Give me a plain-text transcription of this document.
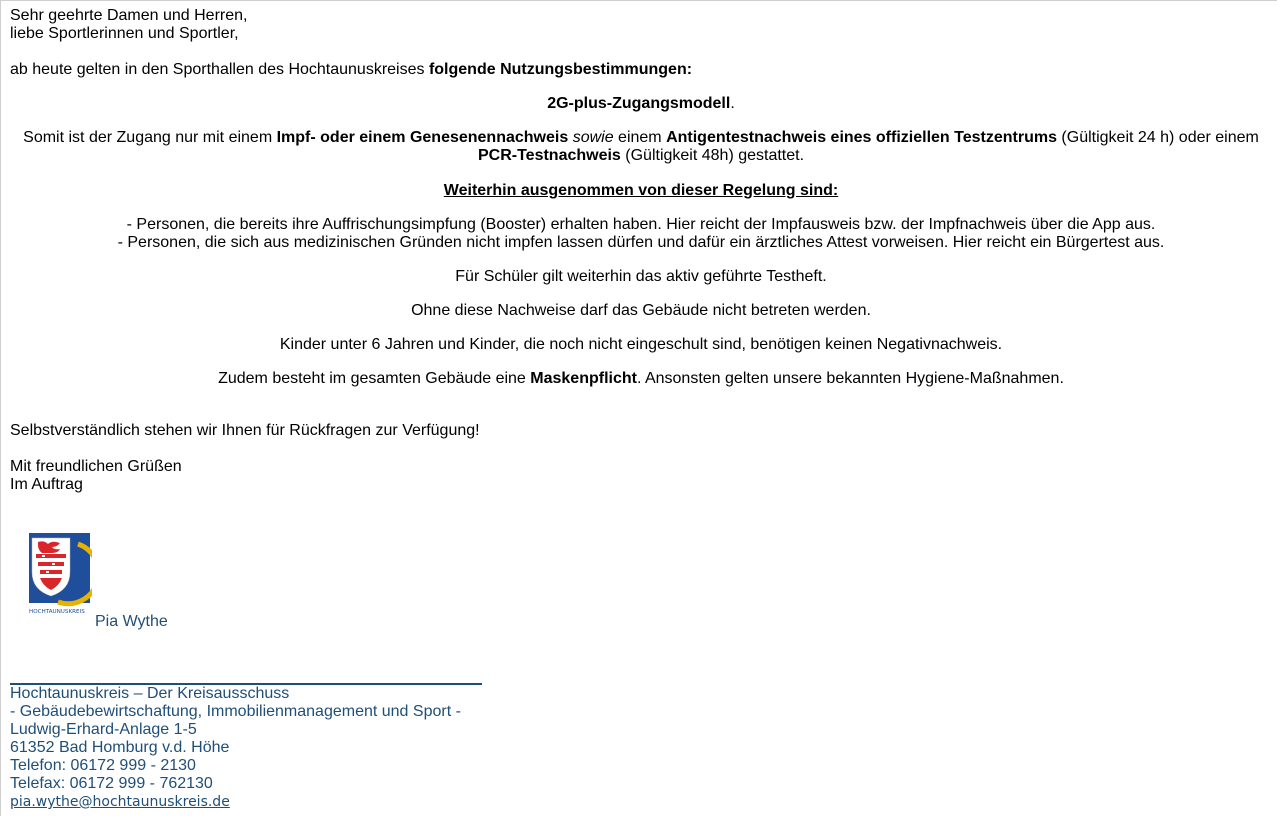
Sehr geehrte Damen und Herren,

liebe Sportlerinnen und Sportler,

ab heute gelten in den Sporthallen des Hochtaunuskreises folgende Nutzungsbestimmungen:

2G-plus-Zugangsmodell.

Somit ist der Zugang nur mit einem Impf- oder einem Genesenennachweis sowie einem Antigentestnachweis eines offiziellen Testzentrums (Gültigkeit 24 h) oder einem
PCR-Testnachweis (Gültigkeit 48h) gestattet.

Weiterhin ausgenommen von dieser Regelung sind:

- Personen, die bereits ihre Auffrischungsimpfung (Booster) erhalten haben. Hier reicht der Impfausweis bzw. der Impfnachweis über die App aus.
- Personen, die sich aus medizinischen Gründen nicht impfen lassen dürfen und dafür ein ärztliches Attest vorweisen. Hier reicht ein Bürgertest aus.

Für Schüler gilt weiterhin das aktiv geführte Testheft.

Ohne diese Nachweise darf das Gebäude nicht betreten werden.

Kinder unter 6 Jahren und Kinder, die noch nicht eingeschult sind, benötigen keinen Negativnachweis.

Zudem besteht im gesamten Gebäude eine Maskenpflicht. Ansonsten gelten unsere bekannten Hygiene-Maßnahmen.

Selbstverständlich stehen wir Ihnen für Rückfragen zur Verfügung!

Mit freundlichen Grüßen

Im Auftrag

HOCHTAUNUSKREIS
Pia Wythe
Hochtaunuskreis – Der Kreisausschuss
- Gebäudebewirtschaftung, Immobilienmanagement und Sport -
Ludwig-Erhard-Anlage 1-5
61352 Bad Homburg v.d. Höhe
Telefon: 06172 999 - 2130
Telefax: 06172 999 - 762130
pia.wythe@hochtaunuskreis.de
